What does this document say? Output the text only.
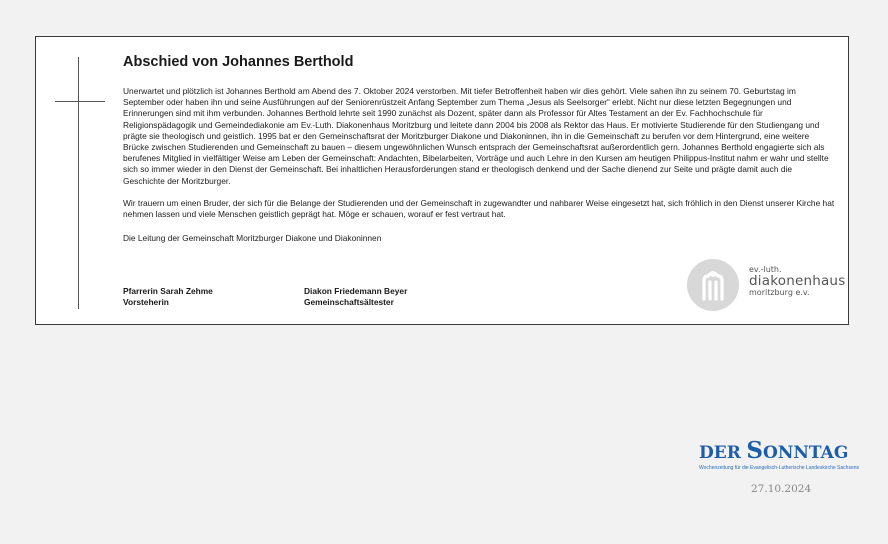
Abschied von Johannes Berthold

Unerwartet und plötzlich ist Johannes Berthold am Abend des 7. Oktober 2024 verstorben. Mit tiefer Betroffenheit haben wir dies gehört. Viele sahen ihn zu seinem 70. Geburtstag im September oder haben ihn und seine Ausführungen auf der Seniorenrüstzeit Anfang September zum Thema „Jesus als Seelsorger“ erlebt. Nicht nur diese letzten Begegnungen und Erinnerungen sind mit ihm verbunden. Johannes Berthold lehrte seit 1990 zunächst als Dozent, später dann als Professor für Altes Testament an der Ev. Fachhochschule für Religionspädagogik und Gemeindediakonie am Ev.-Luth. Diakonenhaus Moritzburg und leitete dann 2004 bis 2008 als Rektor das Haus. Er motivierte Studierende für den Studiengang und prägte sie theologisch und geistlich. 1995 bat er den Gemeinschaftsrat der Moritzburger Diakone und Diakoninnen, ihn in die Gemeinschaft zu berufen vor dem Hintergrund, eine weitere Brücke zwischen Studierenden und Gemeinschaft zu bauen – diesem ungewöhnlichen Wunsch entsprach der Gemeinschaftsrat außerordentlich gern. Johannes Berthold engagierte sich als berufenes Mitglied in vielfältiger Weise am Leben der Gemeinschaft: Andachten, Bibelarbeiten, Vorträge und auch Lehre in den Kursen am heutigen Philippus-Institut nahm er wahr und stellte sich so immer wieder in den Dienst der Gemeinschaft. Bei inhaltlichen Herausforderungen stand er theologisch denkend und der Sache dienend zur Seite und prägte damit auch die Geschichte der Moritzburger.

Wir trauern um einen Bruder, der sich für die Belange der Studierenden und der Gemeinschaft in zugewandter und nahbarer Weise eingesetzt hat, sich fröhlich in den Dienst unserer Kirche hat nehmen lassen und viele Menschen geistlich geprägt hat. Möge er schauen, worauf er fest vertraut hat.

Die Leitung der Gemeinschaft Moritzburger Diakone und Diakoninnen

Pfarrerin Sarah Zehme
Vorsteherin
Diakon Friedemann Beyer
Gemeinschaftsältester
ev.-luth.
diakonenhaus
moritzburg e.v.
DER SONNTAG
Wochenzeitung für die Evangelisch-Lutherische Landeskirche Sachsens
27.10.2024
